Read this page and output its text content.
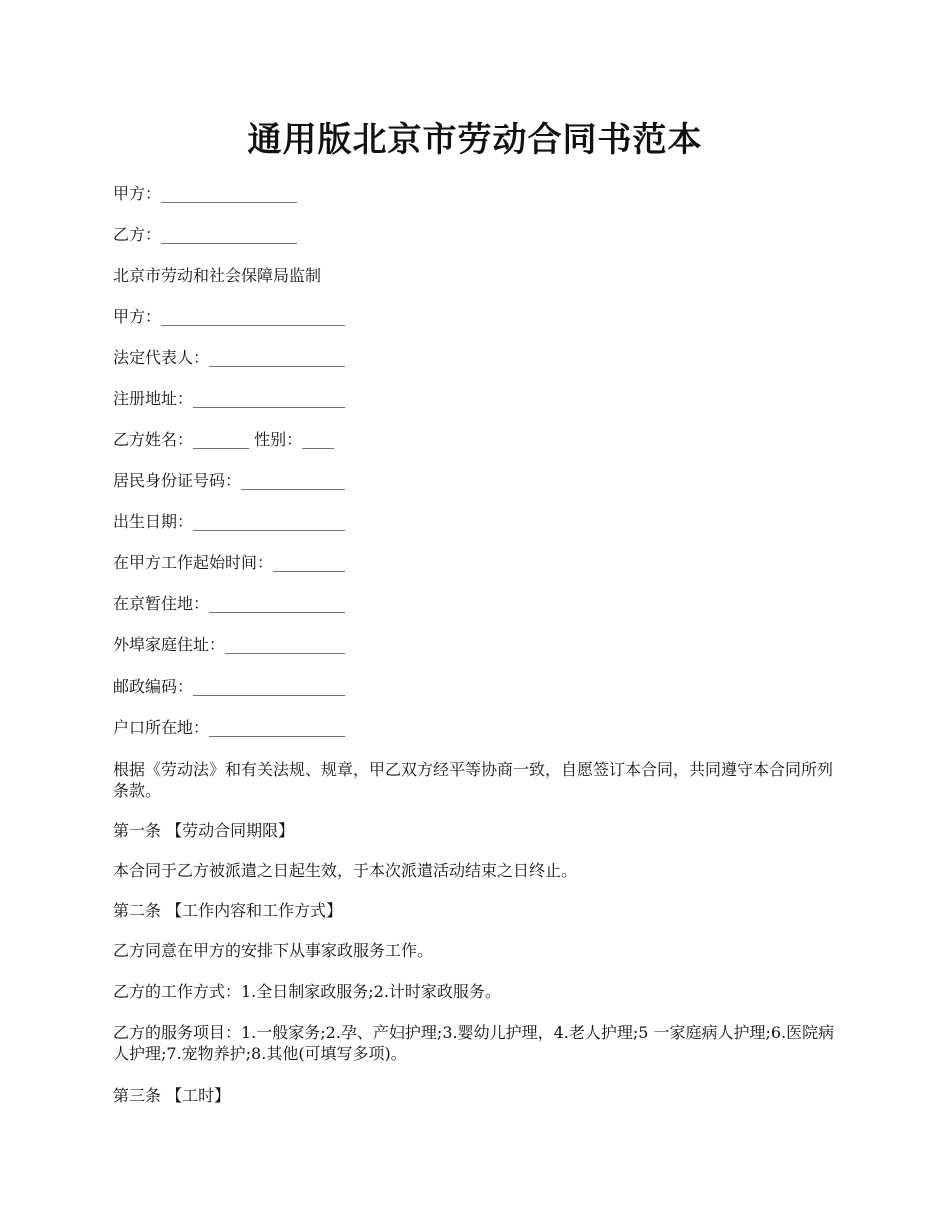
通用版北京市劳动合同书范本
甲方：_________________
乙方：_________________
北京市劳动和社会保障局监制
甲方：_______________________
法定代表人：_________________
注册地址：___________________
乙方姓名：_______ 性别：____
居民身份证号码：_____________
出生日期：___________________
在甲方工作起始时间：_________
在京暂住地：_________________
外埠家庭住址：_______________
邮政编码：___________________
户口所在地：_________________
根据《劳动法》和有关法规、规章，甲乙双方经平等协商一致，自愿签订本合同，共同遵守本合同所列条款。
第一条 【劳动合同期限】
本合同于乙方被派遣之日起生效，于本次派遣活动结束之日终止。
第二条 【工作内容和工作方式】
乙方同意在甲方的安排下从事家政服务工作。
乙方的工作方式：1.全日制家政服务;2.计时家政服务。
乙方的服务项目：1.一般家务;2.孕、产妇护理;3.婴幼儿护理，4.老人护理;5 一家庭病人护理;6.医院病人护理;7.宠物养护;8.其他(可填写多项)。
第三条 【工时】
